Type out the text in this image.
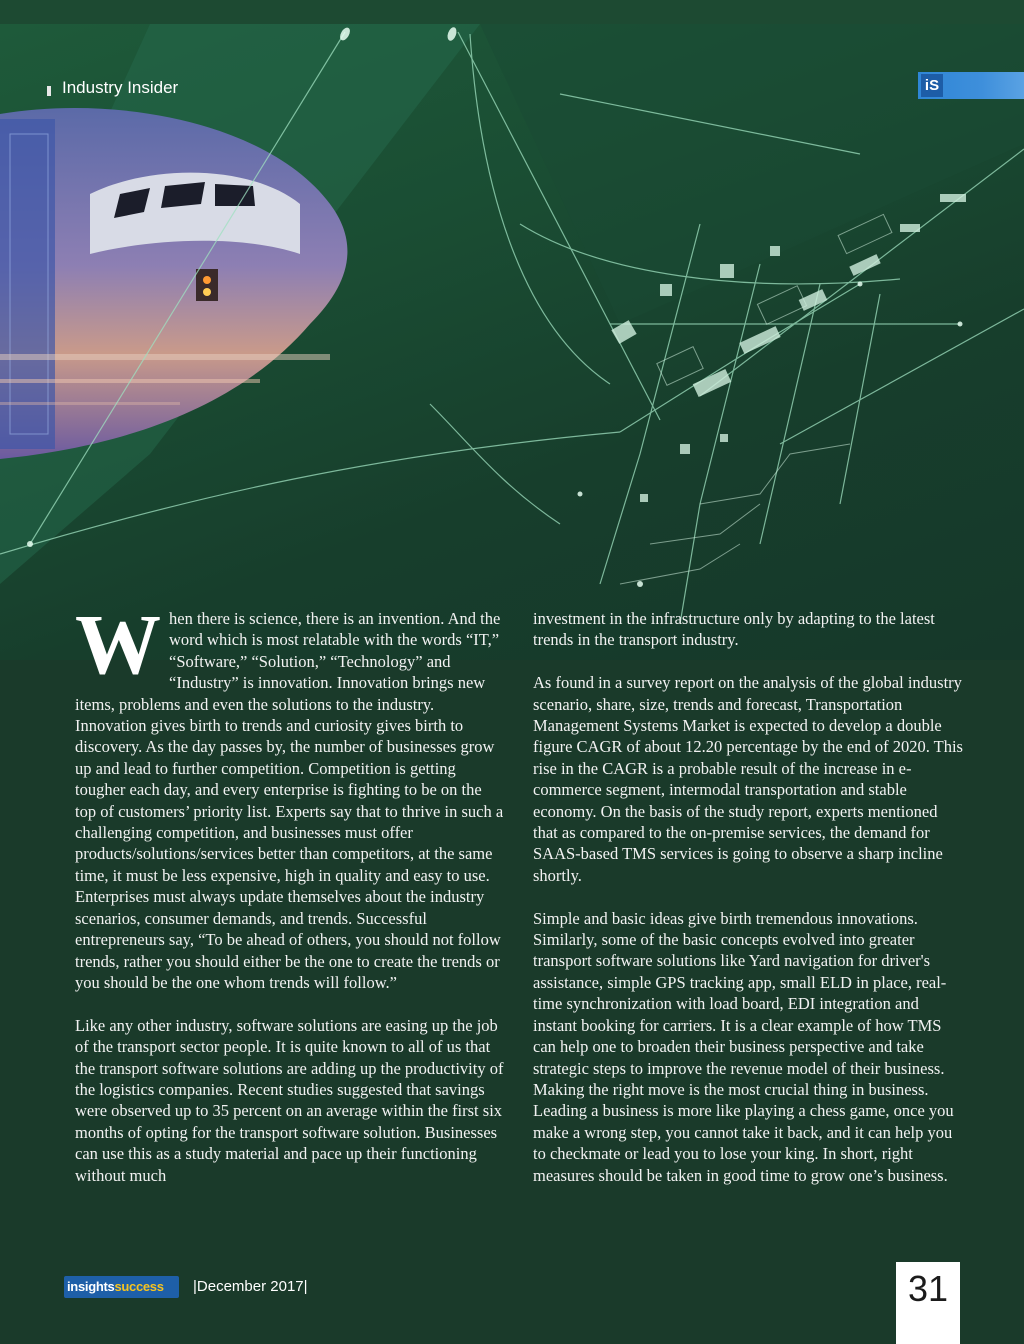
Industry Insider	iS

When there is science, there is an invention. And the word which is most relatable with the words “IT,” “Software,” “Solution,” “Technology” and “Industry” is innovation. Innovation brings new items, problems and even the solutions to the industry. Innovation gives birth to trends and curiosity gives birth to discovery. As the day passes by, the number of businesses grow up and lead to further competition. Competition is getting tougher each day, and every enterprise is fighting to be on the top of customers’ priority list. Experts say that to thrive in such a challenging competition, and businesses must offer products/solutions/services better than competitors, at the same time, it must be less expensive, high in quality and easy to use. Enterprises must always update themselves about the industry scenarios, consumer demands, and trends. Successful entrepreneurs say, “To be ahead of others, you should not follow trends, rather you should either be the one to create the trends or you should be the one whom trends will follow.”

Like any other industry, software solutions are easing up the job of the transport sector people. It is quite known to all of us that the transport software solutions are adding up the productivity of the logistics companies. Recent studies suggested that savings were observed up to 35 percent on an average within the first six months of opting for the transport software solution. Businesses can use this as a study material and pace up their functioning without much

investment in the infrastructure only by adapting to the latest trends in the transport industry.

As found in a survey report on the analysis of the global industry scenario, share, size, trends and forecast, Transportation Management Systems Market is expected to develop a double figure CAGR of about 12.20 percentage by the end of 2020. This rise in the CAGR is a probable result of the increase in e-commerce segment, intermodal transportation and stable economy. On the basis of the study report, experts mentioned that as compared to the on-premise services, the demand for SAAS-based TMS services is going to observe a sharp incline shortly.

Simple and basic ideas give birth tremendous innovations. Similarly, some of the basic concepts evolved into greater transport software solutions like Yard navigation for driver's assistance, simple GPS tracking app, small ELD in place, real-time synchronization with load board, EDI integration and instant booking for carriers. It is a clear example of how TMS can help one to broaden their business perspective and take strategic steps to improve the revenue model of their business. Making the right move is the most crucial thing in business. Leading a business is more like playing a chess game, once you make a wrong step, you cannot take it back, and it can help you to checkmate or lead you to lose your king. In short, right measures should be taken in good time to grow one’s business.

insightssuccess	|December 2017|	31
